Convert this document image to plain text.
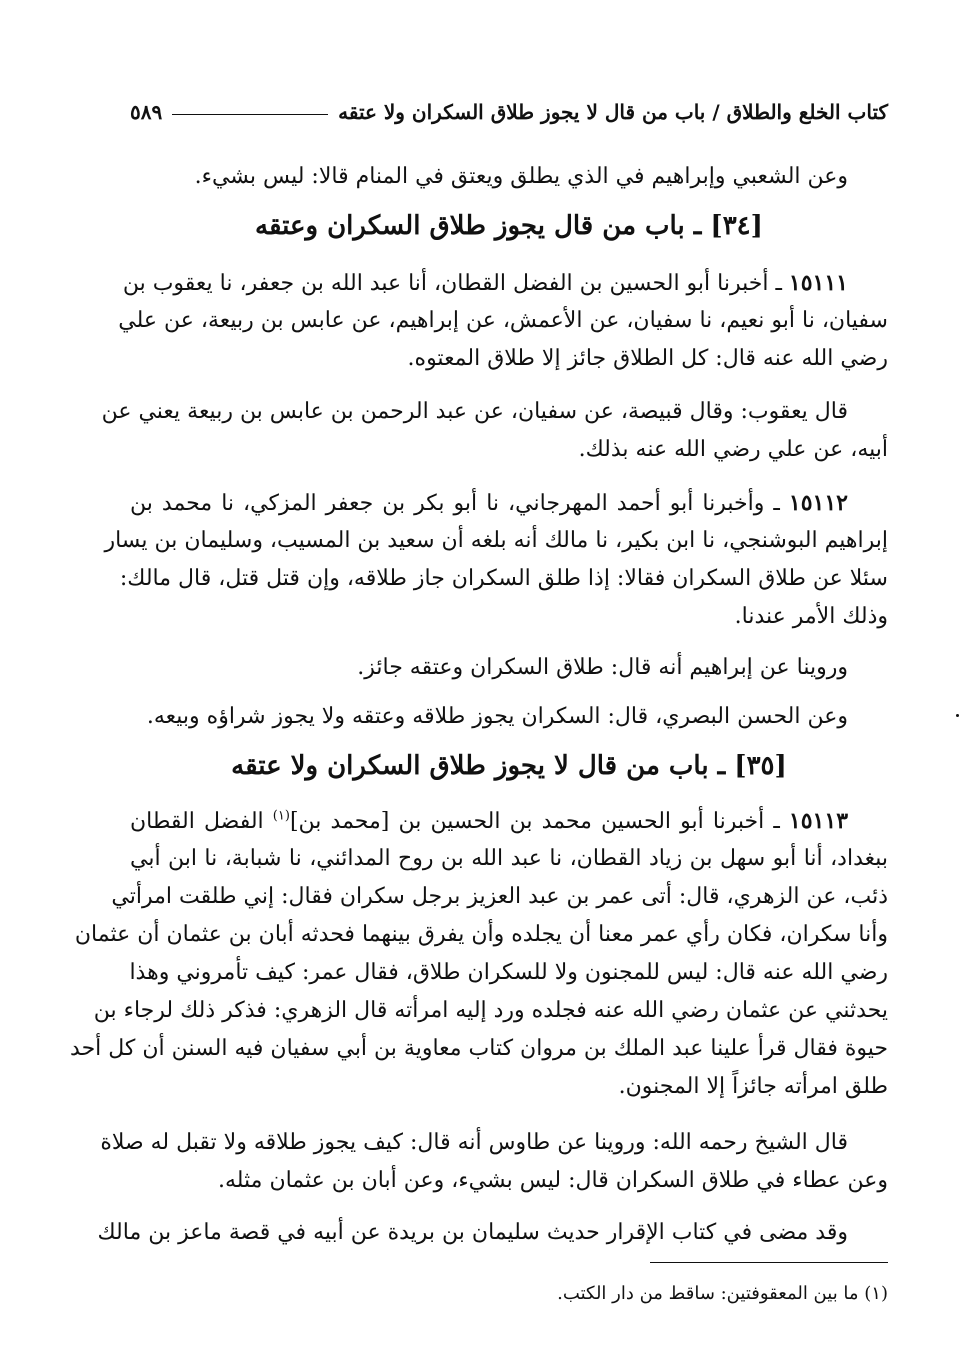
كتاب الخلع والطلاق / باب من قال لا يجوز طلاق السكران ولا عتقه
٥٨٩
وعن الشعبي وإبراهيم في الذي يطلق ويعتق في المنام قالا: ليس بشيء.
[٣٤] ـ باب من قال يجوز طلاق السكران وعتقه
١٥١١١ ـ أخبرنا أبو الحسين بن الفضل القطان، أنا عبد الله بن جعفر، نا يعقوب بن
سفيان، نا أبو نعيم، نا سفيان، عن الأعمش، عن إبراهيم، عن عابس بن ربيعة، عن علي
رضي الله عنه قال: كل الطلاق جائز إلا طلاق المعتوه.
قال يعقوب: وقال قبيصة، عن سفيان، عن عبد الرحمن بن عابس بن ربيعة يعني عن
أبيه، عن علي رضي الله عنه بذلك.
١٥١١٢ ـ وأخبرنا أبو أحمد المهرجاني، نا أبو بكر بن جعفر المزكي، نا محمد بن
إبراهيم البوشنجي، نا ابن بكير، نا مالك أنه بلغه أن سعيد بن المسيب، وسليمان بن يسار
سئلا عن طلاق السكران فقالا: إذا طلق السكران جاز طلاقه، وإن قتل قتل، قال مالك:
وذلك الأمر عندنا.
وروينا عن إبراهيم أنه قال: طلاق السكران وعتقه جائز.
وعن الحسن البصري، قال: السكران يجوز طلاقه وعتقه ولا يجوز شراؤه وبيعه.
[٣٥] ـ باب من قال لا يجوز طلاق السكران ولا عتقه
١٥١١٣ ـ أخبرنا أبو الحسين محمد بن الحسين بن [محمد بن]$^{(١)}$ الفضل القطان
ببغداد، أنا أبو سهل بن زياد القطان، نا عبد الله بن روح المدائني، نا شبابة، نا ابن أبي
ذئب، عن الزهري، قال: أتى عمر بن عبد العزيز برجل سكران فقال: إني طلقت امرأتي
وأنا سكران، فكان رأي عمر معنا أن يجلده وأن يفرق بينهما فحدثه أبان بن عثمان أن عثمان
رضي الله عنه قال: ليس للمجنون ولا للسكران طلاق، فقال عمر: كيف تأمروني وهذا
يحدثني عن عثمان رضي الله عنه فجلده ورد إليه امرأته قال الزهري: فذكر ذلك لرجاء بن
حيوة فقال قرأ علينا عبد الملك بن مروان كتاب معاوية بن أبي سفيان فيه السنن أن كل أحد
طلق امرأته جائزاً إلا المجنون.
قال الشيخ رحمه الله: وروينا عن طاوس أنه قال: كيف يجوز طلاقه ولا تقبل له صلاة
وعن عطاء في طلاق السكران قال: ليس بشيء، وعن أبان بن عثمان مثله.
وقد مضى في كتاب الإقرار حديث سليمان بن بريدة عن أبيه في قصة ماعز بن مالك
(١) ما بين المعقوفتين: ساقط من دار الكتب.
